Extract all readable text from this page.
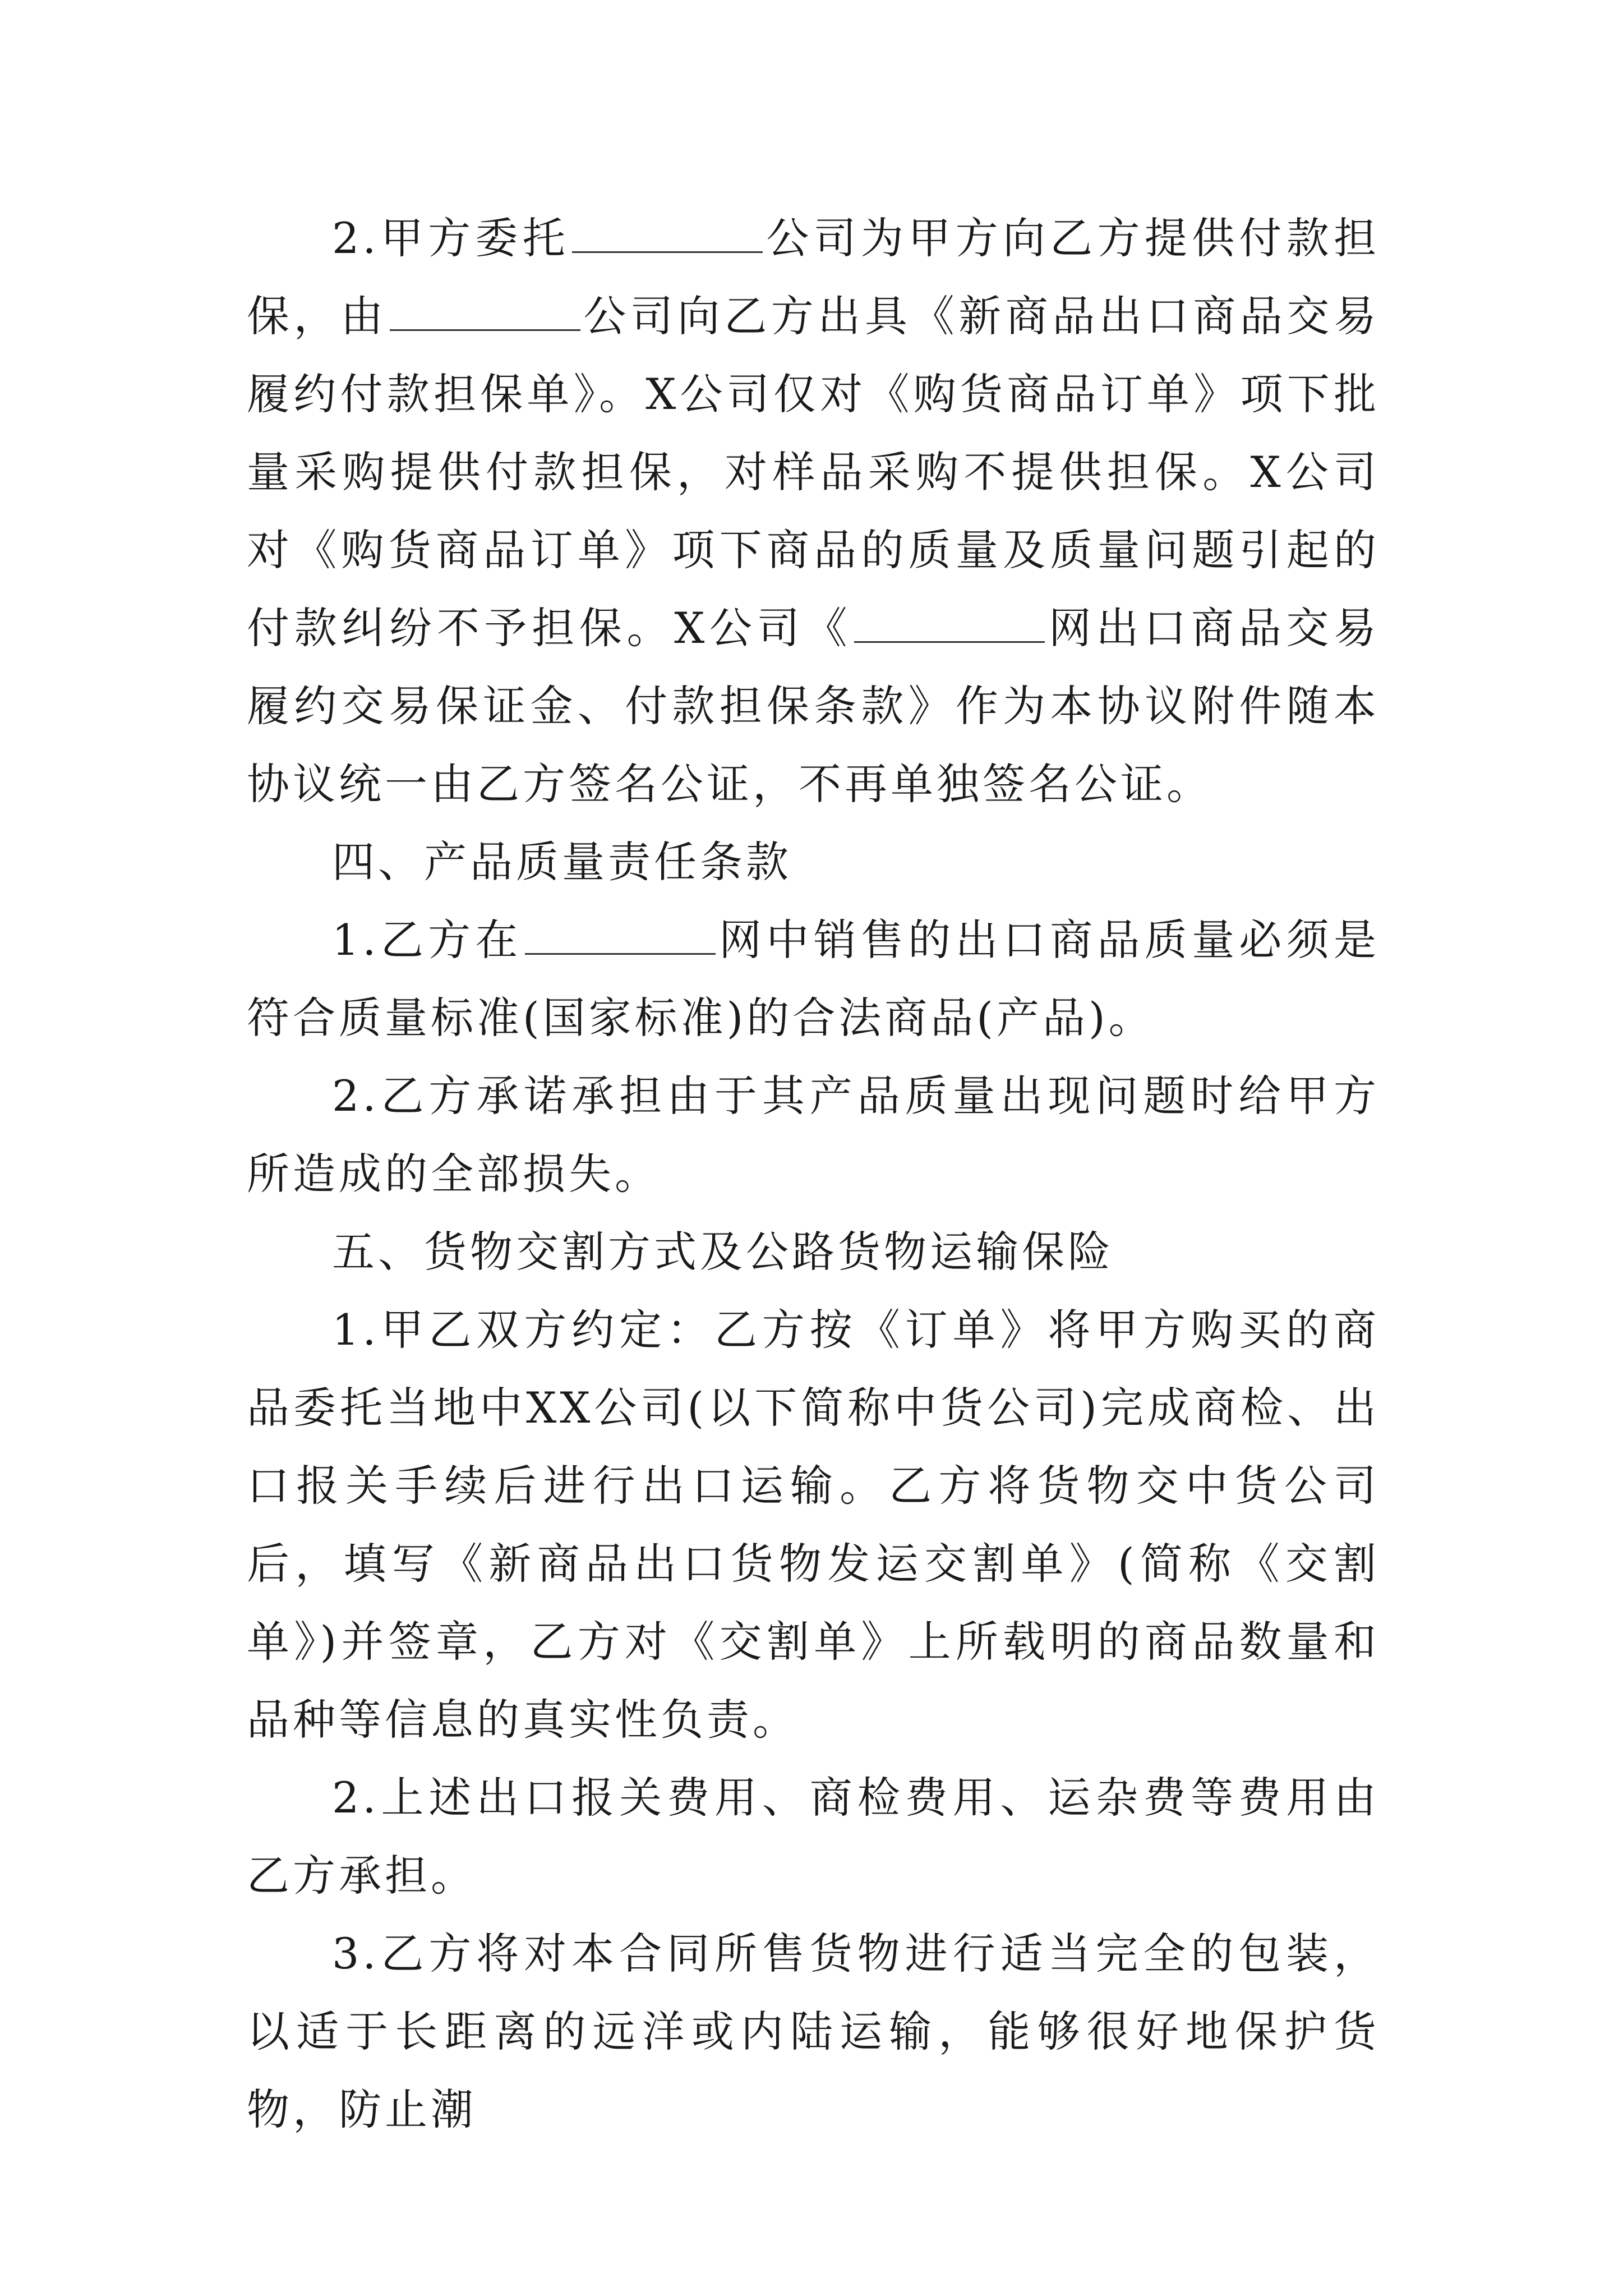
2.甲方委托	公司为甲方向乙方提供付款担保，由	公司向乙方出具《新商品出口商品交易履约付款担保单》。X公司仅对《购货商品订单》项下批量采购提供付款担保，对样品采购不提供担保。X公司对《购货商品订单》项下商品的质量及质量问题引起的付款纠纷不予担保。X公司《	网出口商品交易履约交易保证金、付款担保条款》作为本协议附件随本协议统一由乙方签名公证，不再单独签名公证。

四、产品质量责任条款

1.乙方在	网中销售的出口商品质量必须是符合质量标准(国家标准)的合法商品(产品)。

2.乙方承诺承担由于其产品质量出现问题时给甲方所造成的全部损失。

五、货物交割方式及公路货物运输保险

1.甲乙双方约定：乙方按《订单》将甲方购买的商品委托当地中XX公司(以下简称中货公司)完成商检、出口报关手续后进行出口运输。乙方将货物交中货公司后，填写《新商品出口货物发运交割单》(简称《交割单》)并签章，乙方对《交割单》上所载明的商品数量和品种等信息的真实性负责。

2.上述出口报关费用、商检费用、运杂费等费用由乙方承担。

3.乙方将对本合同所售货物进行适当完全的包装，以适于长距离的远洋或内陆运输，能够很好地保护货物，防止潮
